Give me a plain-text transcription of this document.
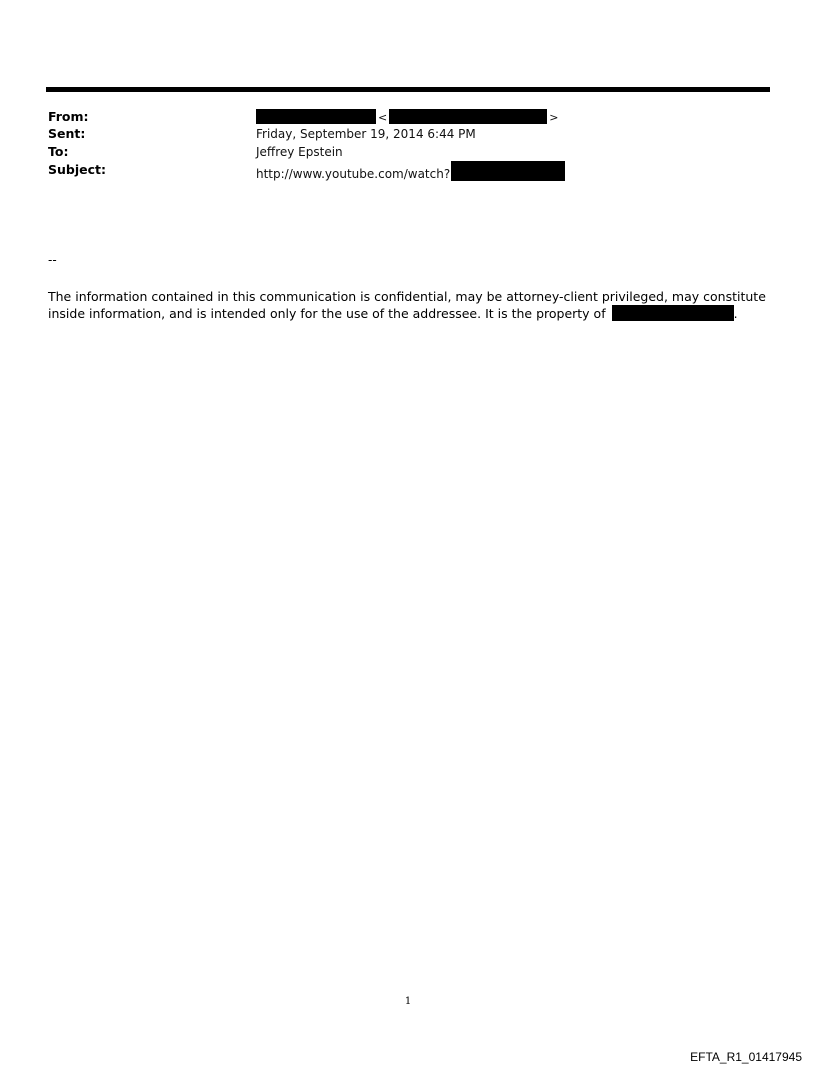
From:	<	>
Sent:	Friday, September 19, 2014 6:44 PM
To:	Jeffrey Epstein
Subject:	http://www.youtube.com/watch?
--
The information contained in this communication is confidential, may be attorney-client privileged, may constitute inside information, and is intended only for the use of the addressee. It is the property of	.
1
EFTA_R1_01417945
